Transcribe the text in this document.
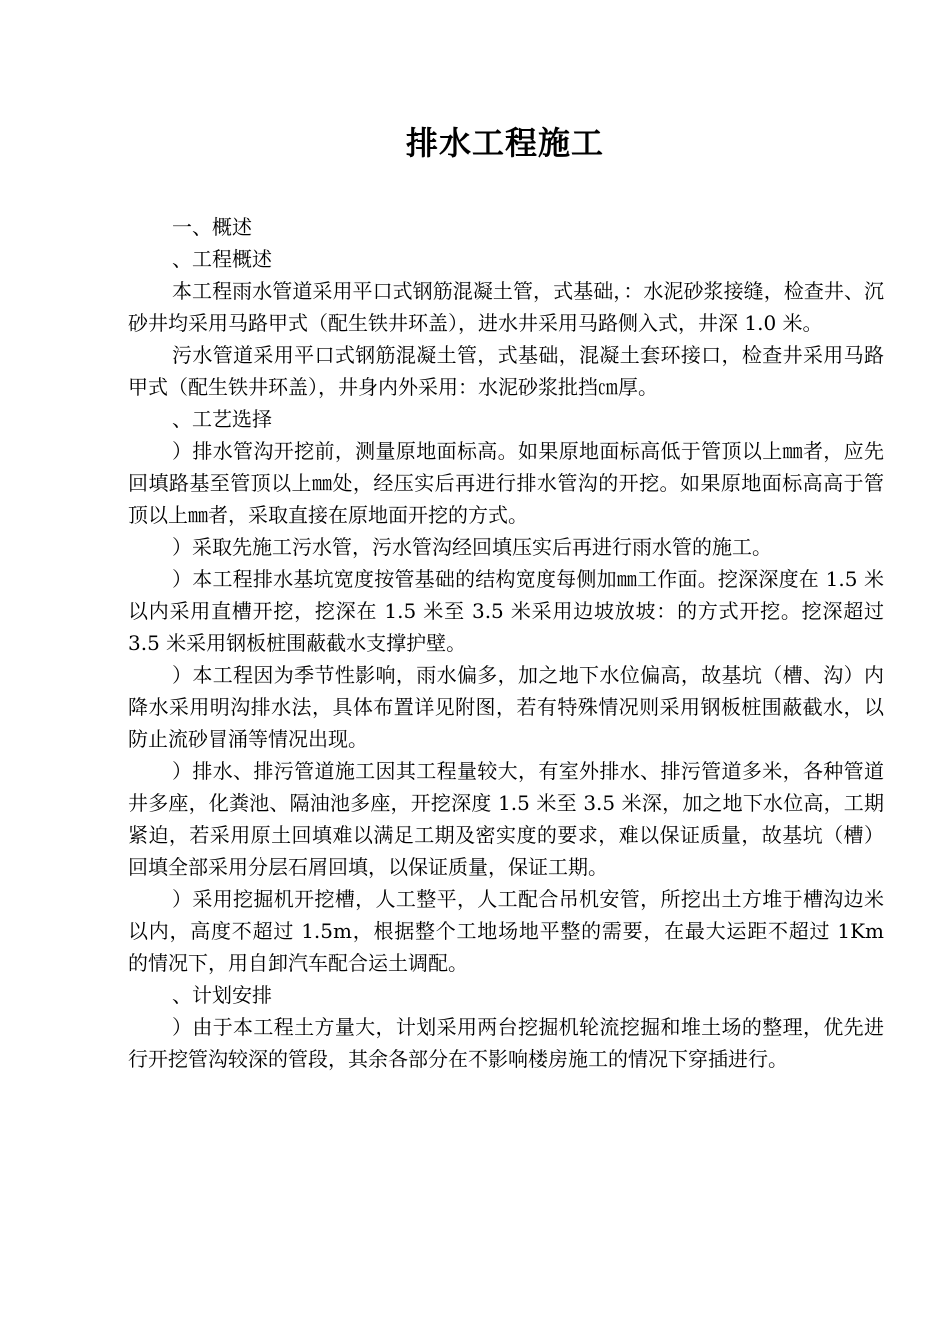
排水工程施工

一、概述

、工程概述

本工程雨水管道采用平口式钢筋混凝土管，式基础，：水泥砂浆接缝，检查井、沉砂井均采用马路甲式（配生铁井环盖），进水井采用马路侧入式，井深 1.0 米。

污水管道采用平口式钢筋混凝土管，式基础，混凝土套环接口，检查井采用马路甲式（配生铁井环盖），井身内外采用：水泥砂浆批挡㎝厚。

、工艺选择

）排水管沟开挖前，测量原地面标高。如果原地面标高低于管顶以上㎜者，应先回填路基至管顶以上㎜处，经压实后再进行排水管沟的开挖。如果原地面标高高于管顶以上㎜者，采取直接在原地面开挖的方式。

）采取先施工污水管，污水管沟经回填压实后再进行雨水管的施工。

）本工程排水基坑宽度按管基础的结构宽度每侧加㎜工作面。挖深深度在 1.5 米以内采用直槽开挖，挖深在 1.5 米至 3.5 米采用边坡放坡：的方式开挖。挖深超过 3.5 米采用钢板桩围蔽截水支撑护壁。

）本工程因为季节性影响，雨水偏多，加之地下水位偏高，故基坑（槽、沟）内降水采用明沟排水法，具体布置详见附图，若有特殊情况则采用钢板桩围蔽截水，以防止流砂冒涌等情况出现。

）排水、排污管道施工因其工程量较大，有室外排水、排污管道多米，各种管道井多座，化粪池、隔油池多座，开挖深度 1.5 米至 3.5 米深，加之地下水位高，工期紧迫，若采用原土回填难以满足工期及密实度的要求，难以保证质量，故基坑（槽）回填全部采用分层石屑回填，以保证质量，保证工期。

）采用挖掘机开挖槽，人工整平，人工配合吊机安管，所挖出土方堆于槽沟边米以内，高度不超过 1.5m，根据整个工地场地平整的需要，在最大运距不超过 1Km 的情况下，用自卸汽车配合运土调配。

、计划安排

）由于本工程土方量大，计划采用两台挖掘机轮流挖掘和堆土场的整理，优先进行开挖管沟较深的管段，其余各部分在不影响楼房施工的情况下穿插进行。
